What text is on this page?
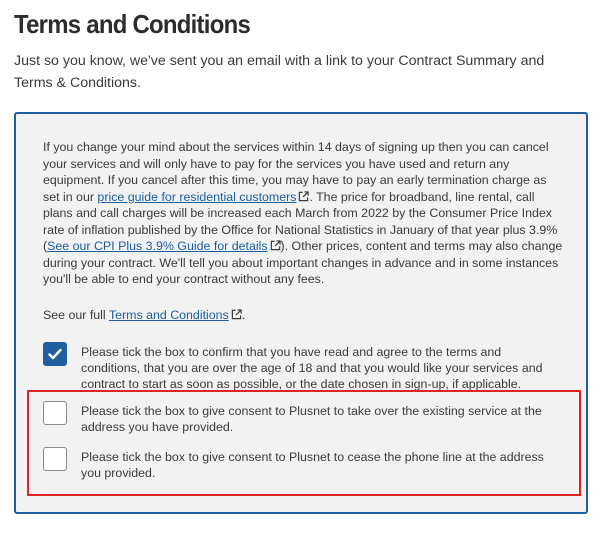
Terms and Conditions
Just so you know, we've sent you an email with a link to your Contract Summary and Terms & Conditions.
If you change your mind about the services within 14 days of signing up then you can cancel your services and will only have to pay for the services you have used and return any equipment. If you cancel after this time, you may have to pay an early termination charge as set in our price guide for residential customers . The price for broadband, line rental, call plans and call charges will be increased each March from 2022 by the Consumer Price Index rate of inflation published by the Office for National Statistics in January of that year plus 3.9% (See our CPI Plus 3.9% Guide for details ). Other prices, content and terms may also change during your contract. We'll tell you about important changes in advance and in some instances you'll be able to end your contract without any fees.
See our full Terms and Conditions .
Please tick the box to confirm that you have read and agree to the terms and conditions, that you are over the age of 18 and that you would like your services and contract to start as soon as possible, or the date chosen in sign-up, if applicable.
Please tick the box to give consent to Plusnet to take over the existing service at the address you have provided.
Please tick the box to give consent to Plusnet to cease the phone line at the address you provided.
